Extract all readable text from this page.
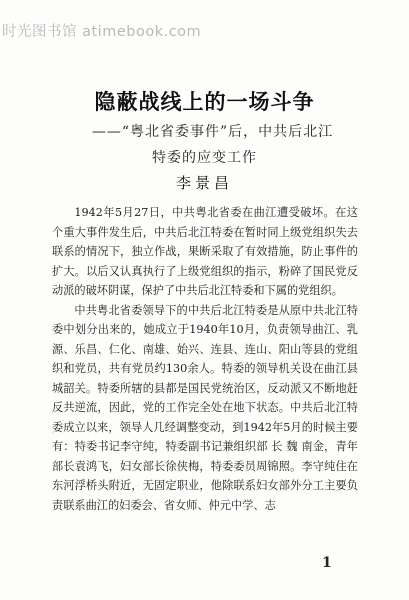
时光图书馆 atimebook.com
隐蔽战线上的一场斗争
——“粤北省委事件”后，中共后北江
特委的应变工作
李景昌

1942年5月27日，中共粤北省委在曲江遭受破坏。在这个重大事件发生后，中共后北江特委在暂时同上级党组织失去联系的情况下，独立作战，果断采取了有效措施，防止事件的扩大。以后又认真执行了上级党组织的指示，粉碎了国民党反动派的破坏阴谋，保护了中共后北江特委和下属的党组织。

中共粤北省委领导下的中共后北江特委是从原中共北江特委中划分出来的，她成立于1940年10月，负责领导曲江、乳源、乐昌、仁化、南雄、始兴、连县、连山、阳山等县的党组织和党员，共有党员约130余人。特委的领导机关设在曲江县城韶关。特委所辖的县都是国民党统治区，反动派又不断地赶反共逆流，因此，党的工作完全处在地下状态。中共后北江特委成立以来，领导人几经调整变动，到1942年5月的时候主要有：特委书记李守纯，特委副书记兼组织部 长 魏 南金，青年部长袁鸿飞，妇女部长徐侠梅，特委委员周锦照。李守纯住在东河浮桥头附近，无固定职业，他除联系妇女部外分工主要负责联系曲江的妇委会、省女师、仲元中学、志

1
